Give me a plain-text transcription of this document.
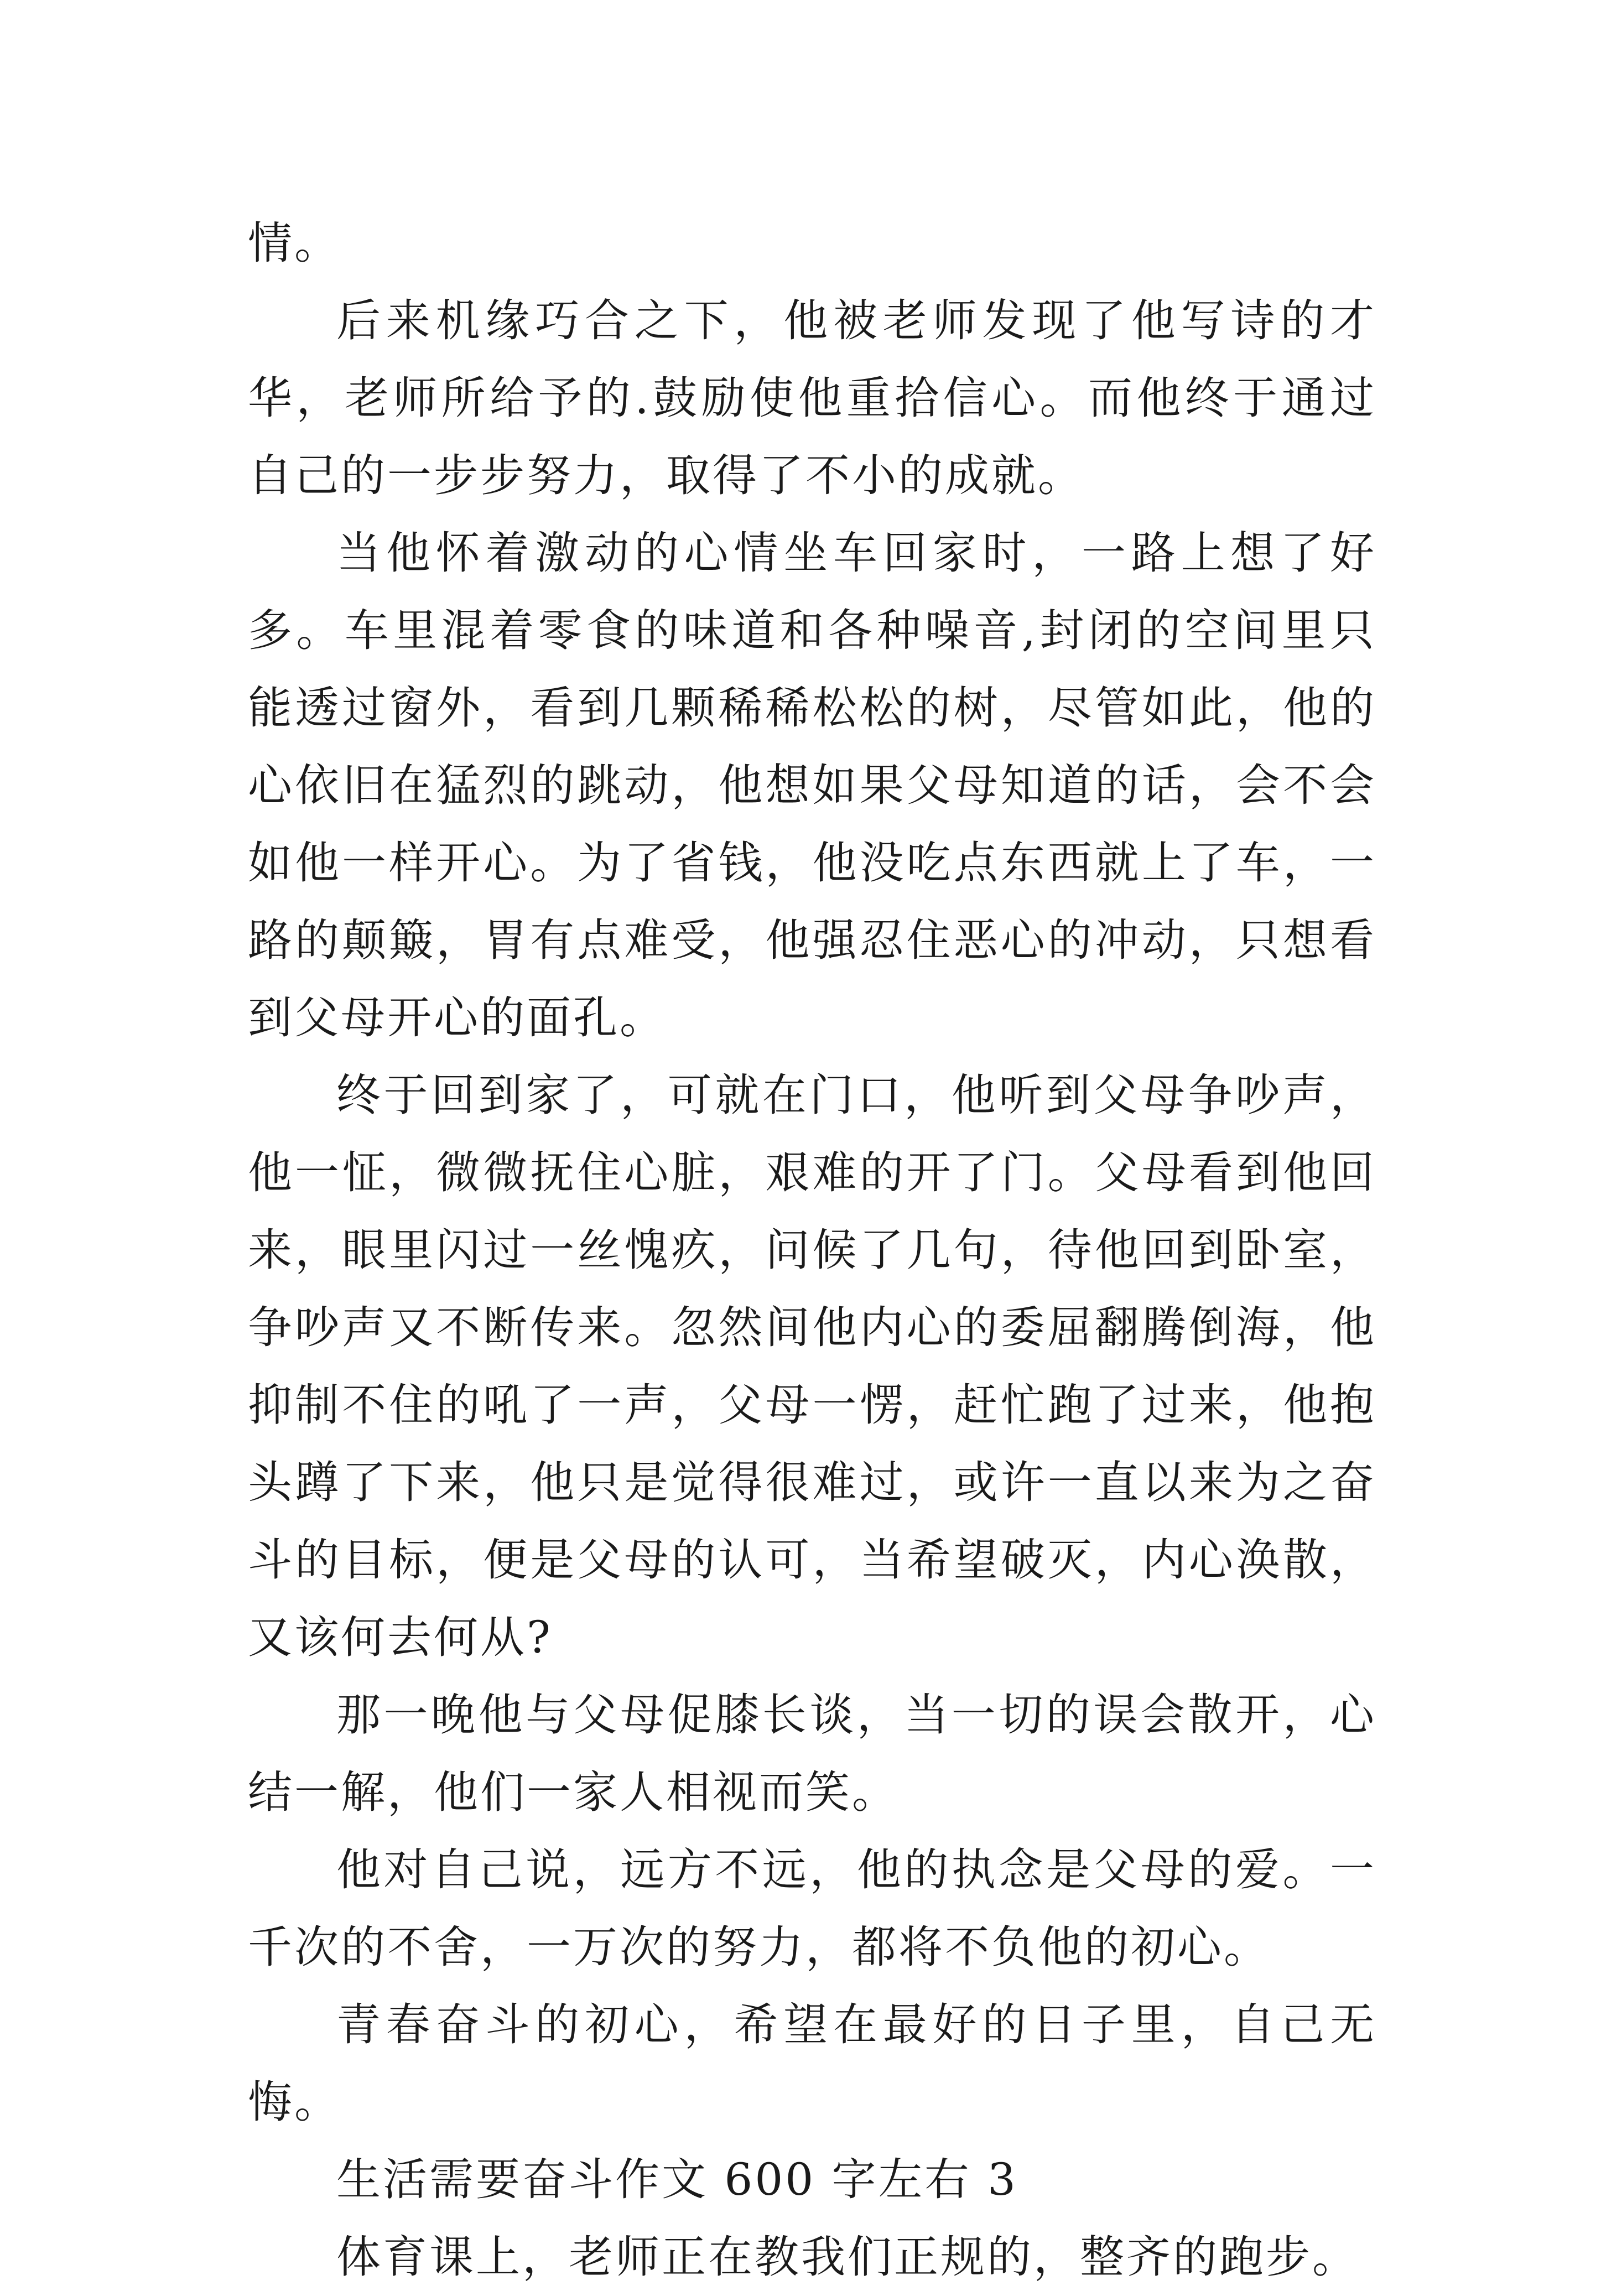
情。

后来机缘巧合之下，他被老师发现了他写诗的才华，老师所给予的.鼓励使他重拾信心。而他终于通过自己的一步步努力，取得了不小的成就。

当他怀着激动的心情坐车回家时，一路上想了好多。车里混着零食的味道和各种噪音,封闭的空间里只能透过窗外，看到几颗稀稀松松的树，尽管如此，他的心依旧在猛烈的跳动，他想如果父母知道的话，会不会如他一样开心。为了省钱，他没吃点东西就上了车，一路的颠簸，胃有点难受，他强忍住恶心的冲动，只想看到父母开心的面孔。

终于回到家了，可就在门口，他听到父母争吵声，他一怔，微微抚住心脏，艰难的开了门。父母看到他回来，眼里闪过一丝愧疚，问候了几句，待他回到卧室，争吵声又不断传来。忽然间他内心的委屈翻腾倒海，他抑制不住的吼了一声，父母一愣，赶忙跑了过来，他抱头蹲了下来，他只是觉得很难过，或许一直以来为之奋斗的目标，便是父母的认可，当希望破灭，内心涣散，又该何去何从?

那一晚他与父母促膝长谈，当一切的误会散开，心结一解，他们一家人相视而笑。

他对自己说，远方不远，他的执念是父母的爱。一千次的不舍，一万次的努力，都将不负他的初心。

青春奋斗的初心，希望在最好的日子里，自己无悔。

生活需要奋斗作文 600 字左右 3

体育课上，老师正在教我们正规的，整齐的跑步。
